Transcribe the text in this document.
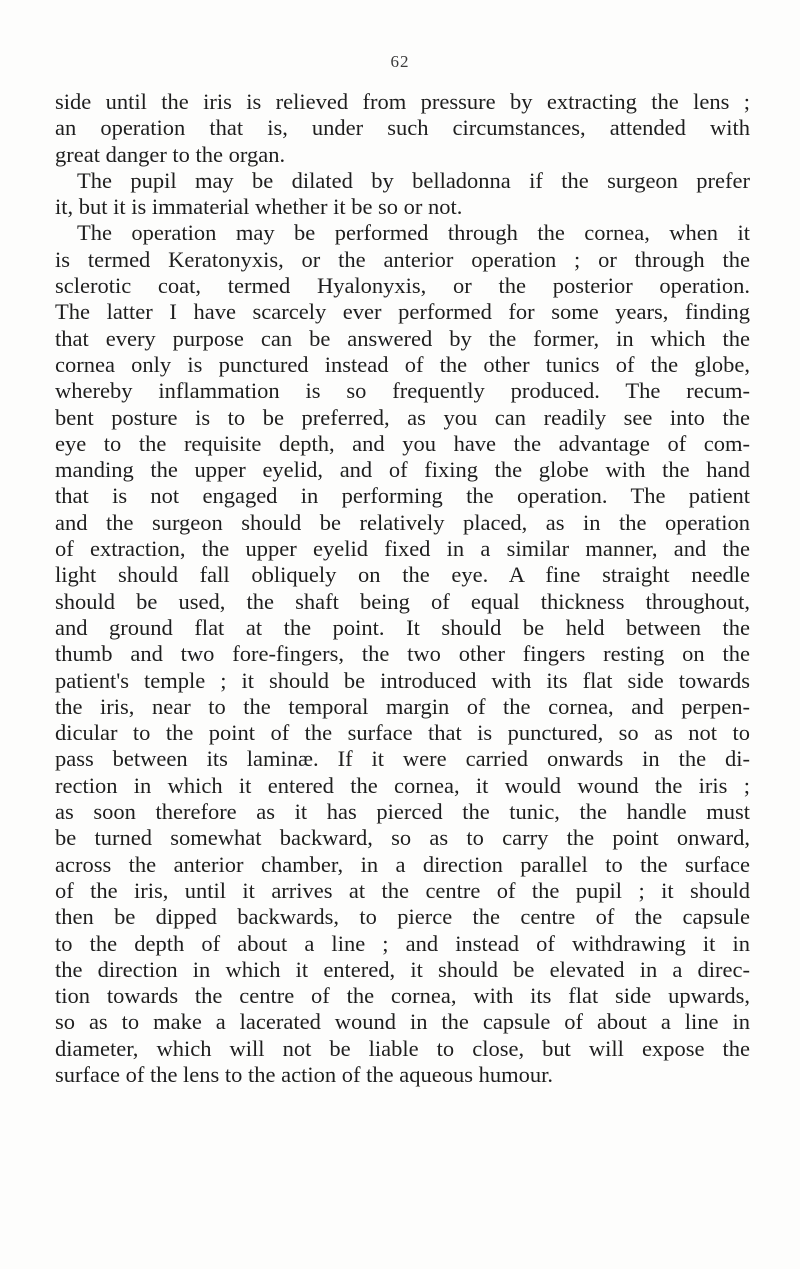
62
side until the iris is relieved from pressure by extracting the lens ;
an operation that is, under such circumstances, attended with
great danger to the organ.
The pupil may be dilated by belladonna if the surgeon prefer
it, but it is immaterial whether it be so or not.
The operation may be performed through the cornea, when it
is termed Keratonyxis, or the anterior operation ; or through the
sclerotic coat, termed Hyalonyxis, or the posterior operation.
The latter I have scarcely ever performed for some years, finding
that every purpose can be answered by the former, in which the
cornea only is punctured instead of the other tunics of the globe,
whereby inflammation is so frequently produced. The recum-
bent posture is to be preferred, as you can readily see into the
eye to the requisite depth, and you have the advantage of com-
manding the upper eyelid, and of fixing the globe with the hand
that is not engaged in performing the operation. The patient
and the surgeon should be relatively placed, as in the operation
of extraction, the upper eyelid fixed in a similar manner, and the
light should fall obliquely on the eye. A fine straight needle
should be used, the shaft being of equal thickness throughout,
and ground flat at the point. It should be held between the
thumb and two fore-fingers, the two other fingers resting on the
patient's temple ; it should be introduced with its flat side towards
the iris, near to the temporal margin of the cornea, and perpen-
dicular to the point of the surface that is punctured, so as not to
pass between its laminæ. If it were carried onwards in the di-
rection in which it entered the cornea, it would wound the iris ;
as soon therefore as it has pierced the tunic, the handle must
be turned somewhat backward, so as to carry the point onward,
across the anterior chamber, in a direction parallel to the surface
of the iris, until it arrives at the centre of the pupil ; it should
then be dipped backwards, to pierce the centre of the capsule
to the depth of about a line ; and instead of withdrawing it in
the direction in which it entered, it should be elevated in a direc-
tion towards the centre of the cornea, with its flat side upwards,
so as to make a lacerated wound in the capsule of about a line in
diameter, which will not be liable to close, but will expose the
surface of the lens to the action of the aqueous humour.
